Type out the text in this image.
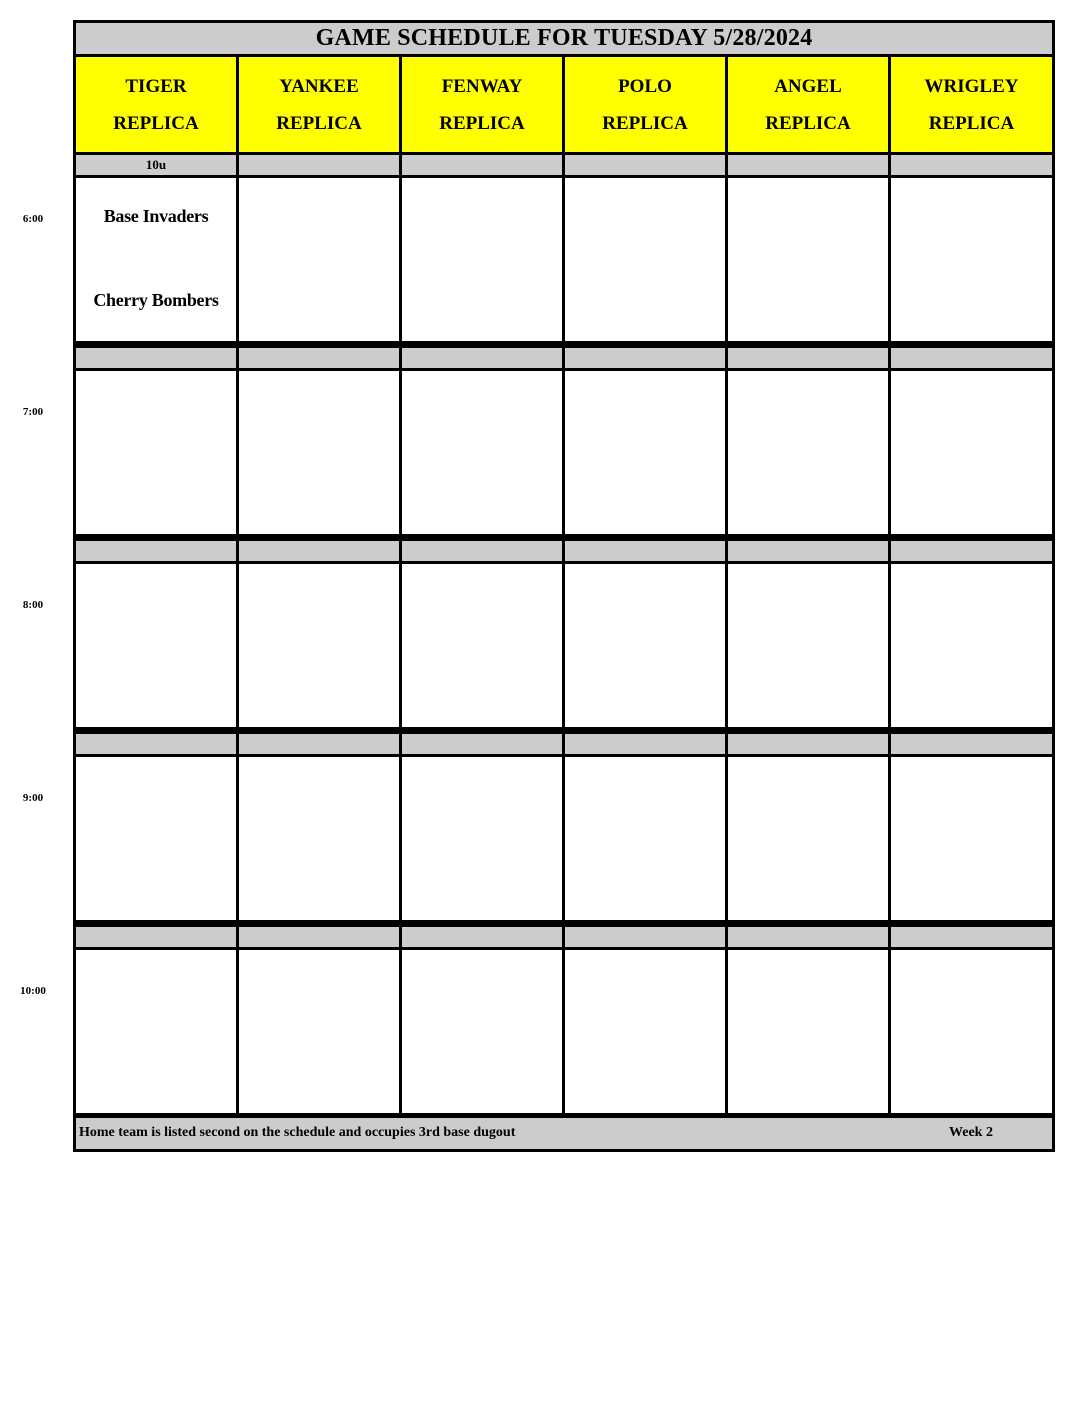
GAME SCHEDULE FOR TUESDAY 5/28/2024
TIGER
REPLICA
YANKEE
REPLICA
FENWAY
REPLICA
POLO
REPLICA
ANGEL
REPLICA
WRIGLEY
REPLICA
10u
Base Invaders
Cherry Bombers
Home team is listed second on the schedule and occupies 3rd base dugout	Week 2
6:00
7:00
8:00
9:00
10:00
